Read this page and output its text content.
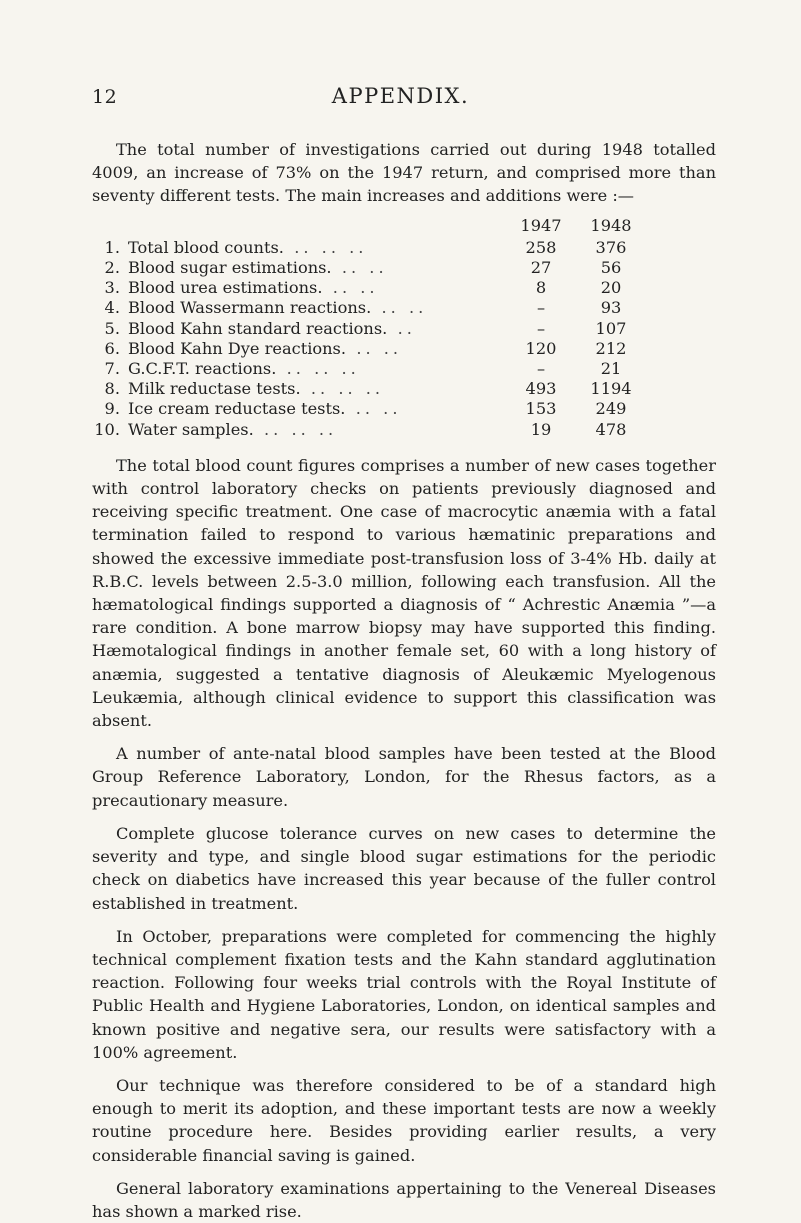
12	APPENDIX.

The total number of investigations carried out during 1948 totalled 4009, an increase of 73% on the 1947 return, and comprised more than seventy different tests. The main increases and additions were :—

		1947	1948	
1.	Total blood counts. .. .. ..	258	376	
2.	Blood sugar estimations. .. ..	27	56	
3.	Blood urea estimations. .. ..	8	20	
4.	Blood Wassermann reactions. .. ..	–	93	
5.	Blood Kahn standard reactions. ..	–	107	
6.	Blood Kahn Dye reactions. .. ..	120	212	
7.	G.C.F.T. reactions. .. .. ..	–	21	
8.	Milk reductase tests. .. .. ..	493	1194	
9.	Ice cream reductase tests. .. ..	153	249	
10.	Water samples. .. .. ..	19	478	

The total blood count figures comprises a number of new cases together with control laboratory checks on patients previously diagnosed and receiving specific treatment. One case of macrocytic anæmia with a fatal termination failed to respond to various hæmatinic preparations and showed the excessive immediate post-transfusion loss of 3-4% Hb. daily at R.B.C. levels between 2.5-3.0 million, following each transfusion. All the hæmatological findings supported a diagnosis of “ Achrestic Anæmia ”—a rare condition. A bone marrow biopsy may have supported this finding. Hæmotalogical findings in another female set, 60 with a long history of anæmia, suggested a tentative diagnosis of Aleukæmic Myelogenous Leukæmia, although clinical evidence to support this classification was absent.

A number of ante-natal blood samples have been tested at the Blood Group Reference Laboratory, London, for the Rhesus factors, as a precautionary measure.

Complete glucose tolerance curves on new cases to determine the severity and type, and single blood sugar estimations for the periodic check on diabetics have increased this year because of the fuller control established in treatment.

In October, preparations were completed for commencing the highly technical complement fixation tests and the Kahn standard agglutination reaction. Following four weeks trial controls with the Royal Institute of Public Health and Hygiene Laboratories, London, on identical samples and known positive and negative sera, our results were satisfactory with a 100% agreement.

Our technique was therefore considered to be of a standard high enough to merit its adoption, and these important tests are now a weekly routine procedure here. Besides providing earlier results, a very considerable financial saving is gained.

General laboratory examinations appertaining to the Venereal Diseases has shown a marked rise.
